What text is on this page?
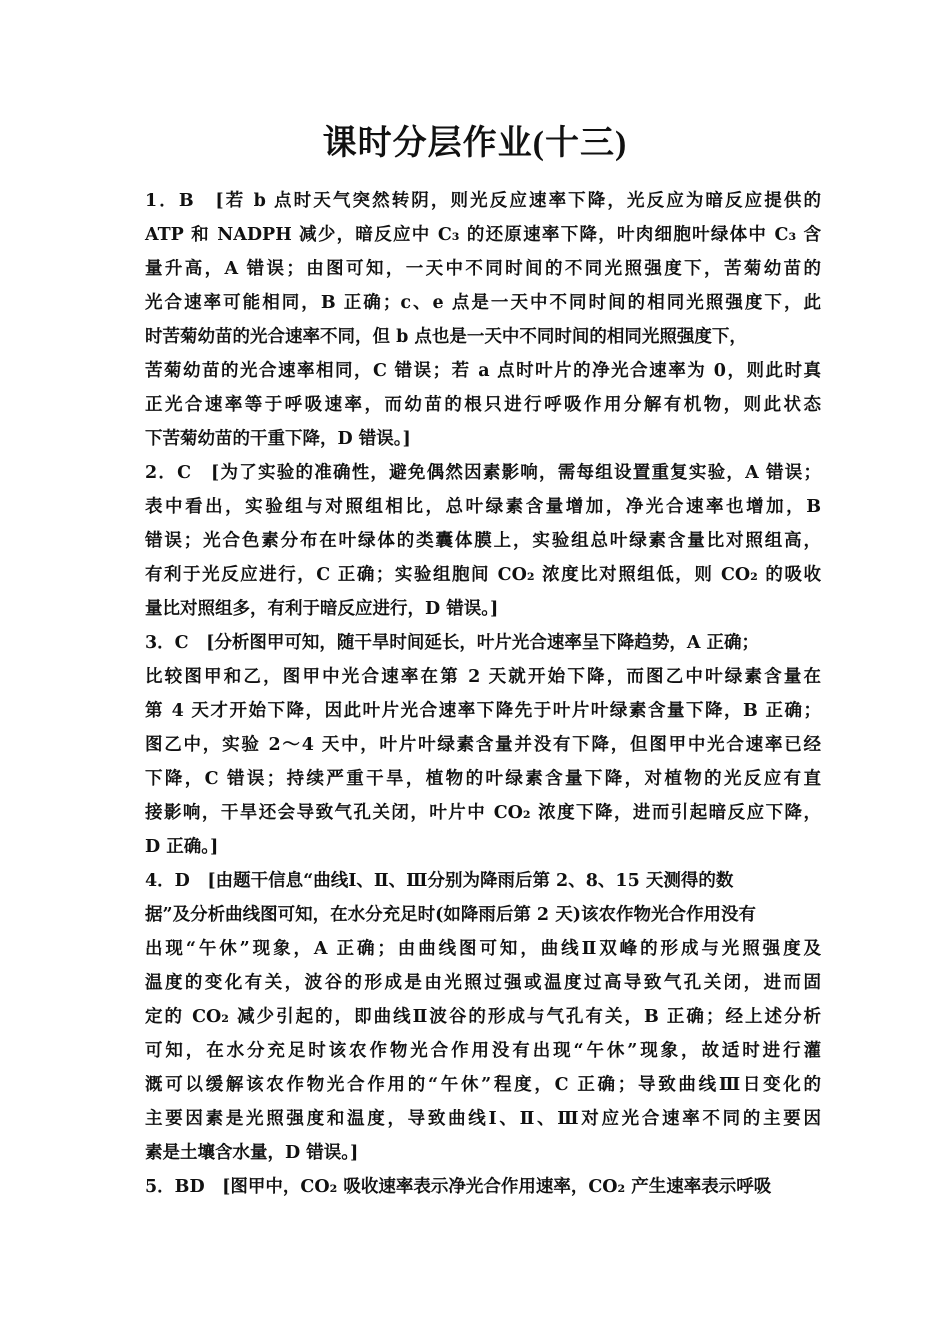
课时分层作业(十三)
1．B　[若 b 点时天气突然转阴，则光反应速率下降，光反应为暗反应提供的
ATP 和 NADPH 减少，暗反应中 C₃ 的还原速率下降，叶肉细胞叶绿体中 C₃ 含
量升高，A 错误；由图可知，一天中不同时间的不同光照强度下，苦菊幼苗的
光合速率可能相同，B 正确；c、e 点是一天中不同时间的相同光照强度下，此
时苦菊幼苗的光合速率不同，但 b 点也是一天中不同时间的相同光照强度下，
苦菊幼苗的光合速率相同，C 错误；若 a 点时叶片的净光合速率为 0，则此时真
正光合速率等于呼吸速率，而幼苗的根只进行呼吸作用分解有机物，则此状态
下苦菊幼苗的干重下降，D 错误。]
2．C　[为了实验的准确性，避免偶然因素影响，需每组设置重复实验，A 错误；
表中看出，实验组与对照组相比，总叶绿素含量增加，净光合速率也增加，B
错误；光合色素分布在叶绿体的类囊体膜上，实验组总叶绿素含量比对照组高，
有利于光反应进行，C 正确；实验组胞间 CO₂ 浓度比对照组低，则 CO₂ 的吸收
量比对照组多，有利于暗反应进行，D 错误。]
3．C　[分析图甲可知，随干旱时间延长，叶片光合速率呈下降趋势，A 正确；
比较图甲和乙，图甲中光合速率在第 2 天就开始下降，而图乙中叶绿素含量在
第 4 天才开始下降，因此叶片光合速率下降先于叶片叶绿素含量下降，B 正确；
图乙中，实验 2～4 天中，叶片叶绿素含量并没有下降，但图甲中光合速率已经
下降，C 错误；持续严重干旱，植物的叶绿素含量下降，对植物的光反应有直
接影响，干旱还会导致气孔关闭，叶片中 CO₂ 浓度下降，进而引起暗反应下降，
D 正确。]
4．D　[由题干信息“曲线Ⅰ、Ⅱ、Ⅲ分别为降雨后第 2、8、15 天测得的数
据”及分析曲线图可知，在水分充足时(如降雨后第 2 天)该农作物光合作用没有
出现“午休”现象，A 正确；由曲线图可知，曲线Ⅱ双峰的形成与光照强度及
温度的变化有关，波谷的形成是由光照过强或温度过高导致气孔关闭，进而固
定的 CO₂ 减少引起的，即曲线Ⅱ波谷的形成与气孔有关，B 正确；经上述分析
可知，在水分充足时该农作物光合作用没有出现“午休”现象，故适时进行灌
溉可以缓解该农作物光合作用的“午休”程度，C 正确；导致曲线Ⅲ日变化的
主要因素是光照强度和温度，导致曲线Ⅰ、Ⅱ、Ⅲ对应光合速率不同的主要因
素是土壤含水量，D 错误。]
5．BD　[图甲中，CO₂ 吸收速率表示净光合作用速率，CO₂ 产生速率表示呼吸
